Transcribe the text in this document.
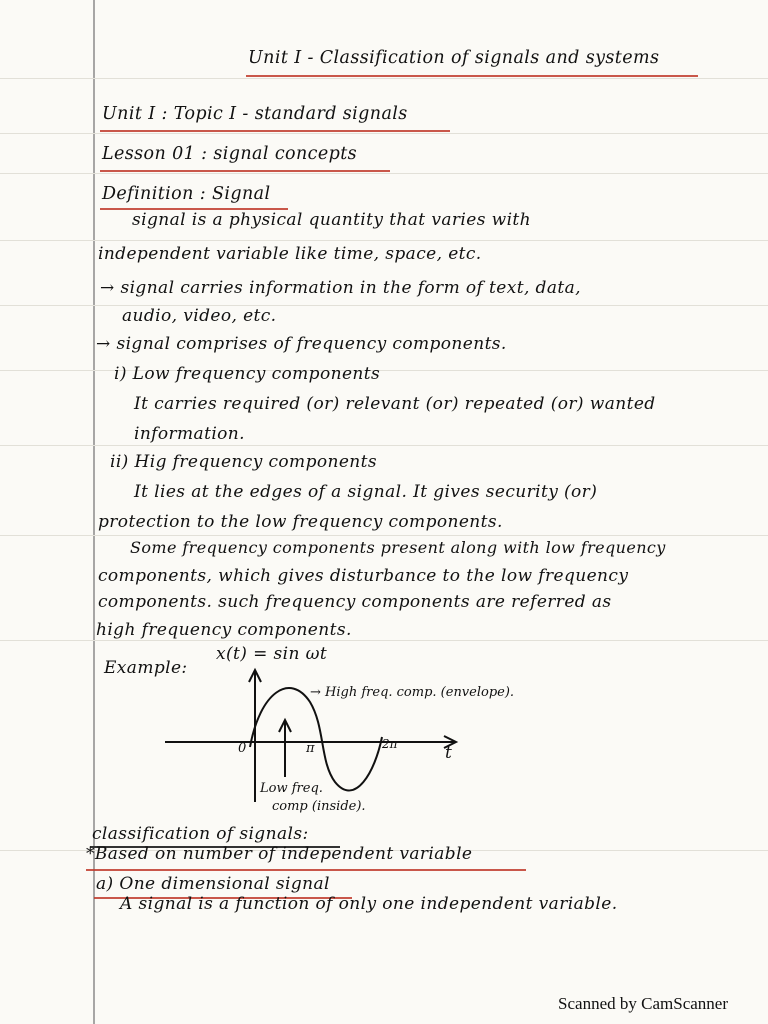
Unit I - Classification of signals and systems
Unit I : Topic I - standard signals
Lesson 01 : signal concepts
Definition : Signal
signal is a physical quantity that varies with
independent variable like time, space, etc.
→ signal carries information in the form of text, data,
audio, video, etc.
→ signal comprises of frequency components.
i) Low frequency components
It carries required (or) relevant (or) repeated (or) wanted
information.
ii) Hig frequency components
It lies at the edges of a signal. It gives security (or)
protection to the low frequency components.
Some frequency components present along with low frequency
components, which gives disturbance to the low frequency
components. such frequency components are referred as
high frequency components.
Example:
x(t) = sin ωt
0	π	2π	t
→ High freq. comp. (envelope).
Low freq.
comp (inside).
classification of signals:
*Based on number of independent variable
a) One dimensional signal
A signal is a function of only one independent variable.
Scanned by CamScanner
